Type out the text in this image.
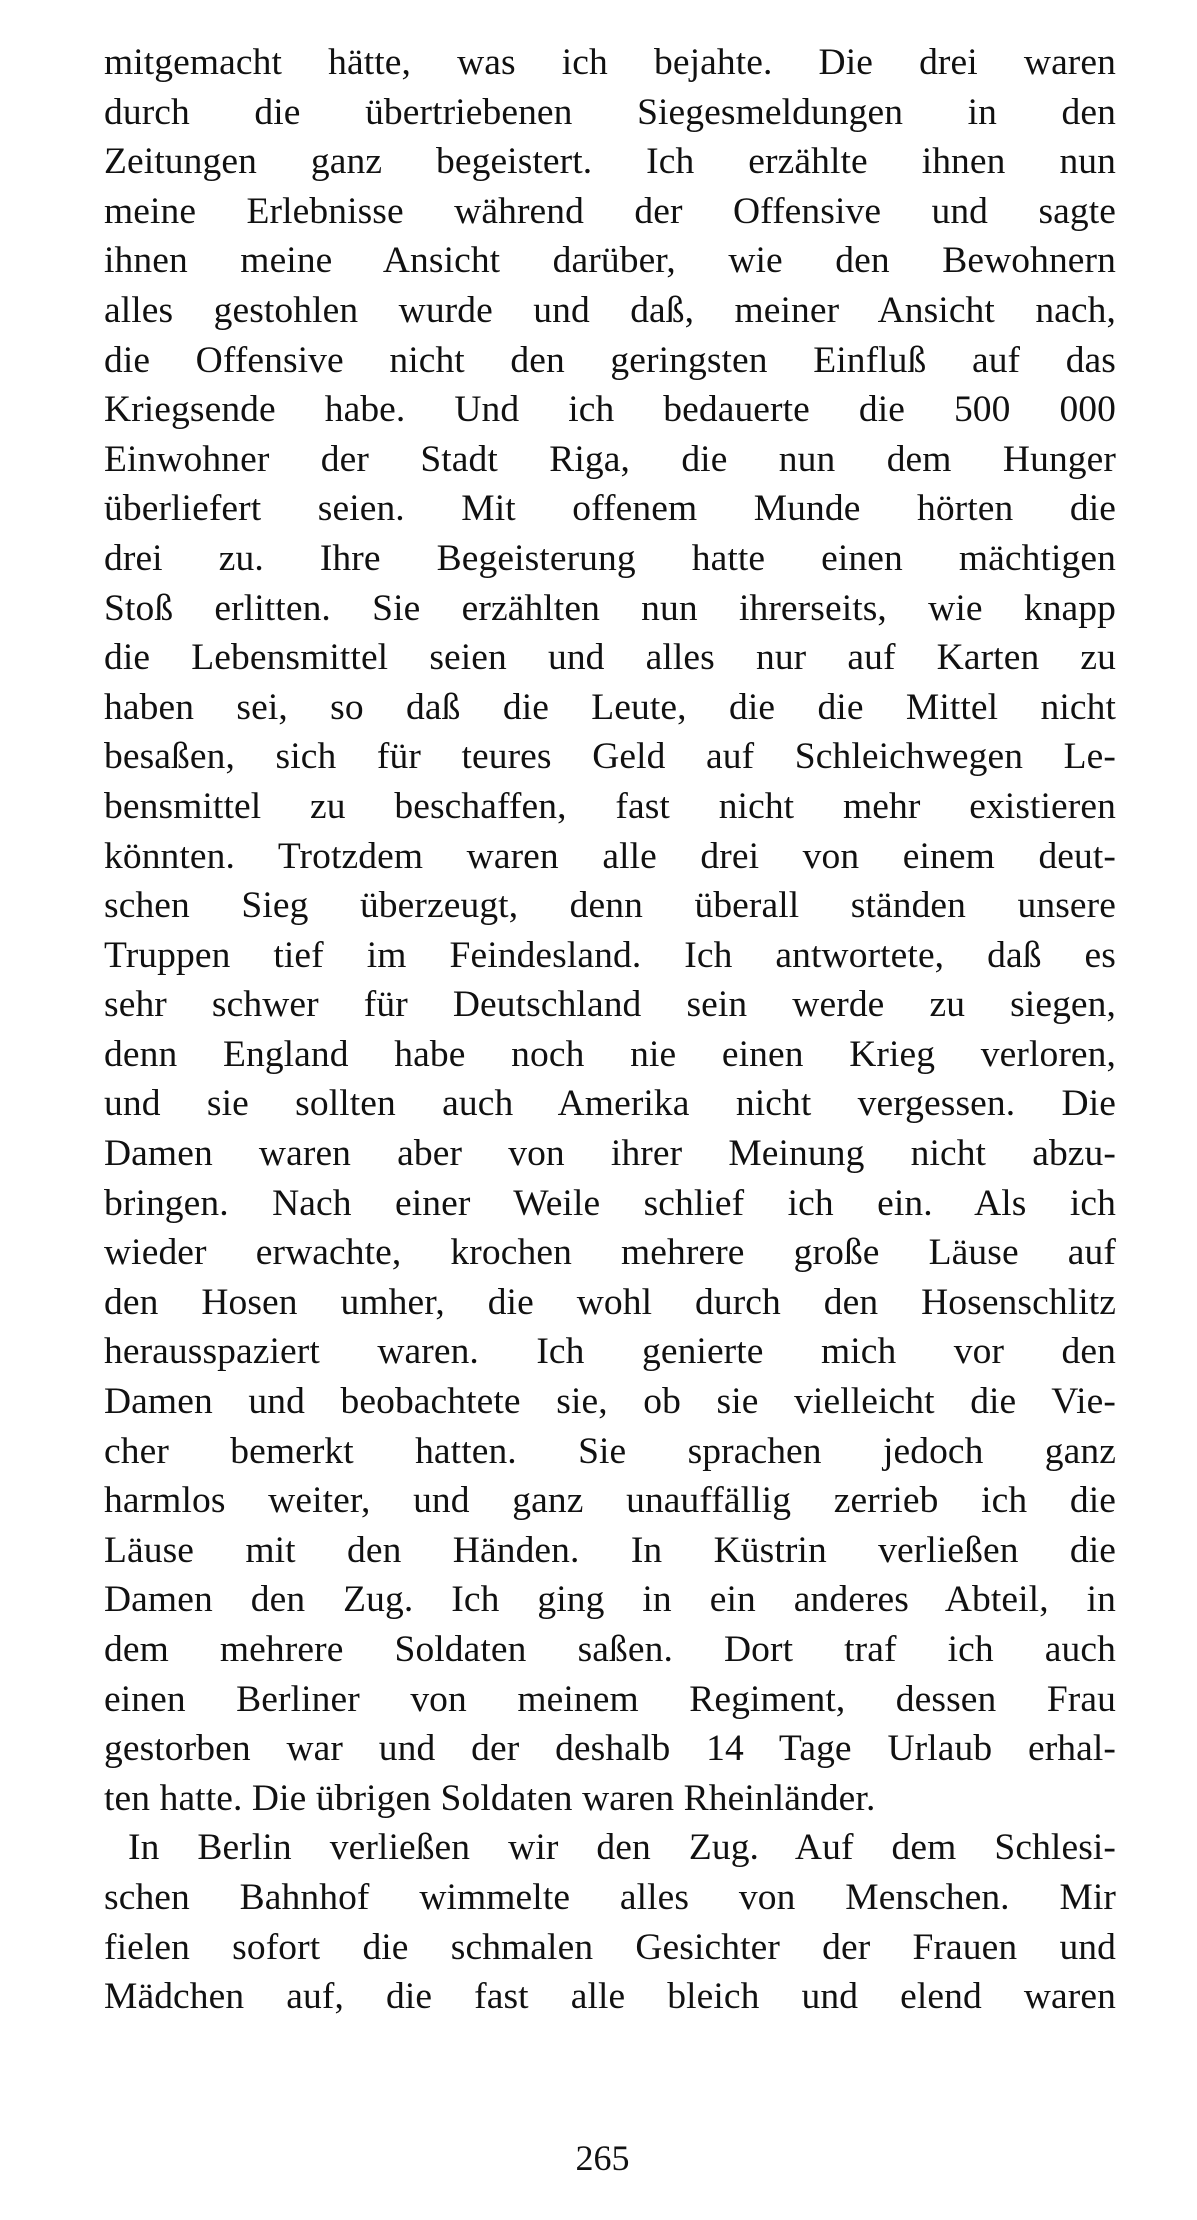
mitgemacht hätte, was ich bejahte. Die drei waren
durch die übertriebenen Siegesmeldungen in den
Zeitungen ganz begeistert. Ich erzählte ihnen nun
meine Erlebnisse während der Offensive und sagte
ihnen meine Ansicht darüber, wie den Bewohnern
alles gestohlen wurde und daß, meiner Ansicht nach,
die Offensive nicht den geringsten Einfluß auf das
Kriegsende habe. Und ich bedauerte die 500 000
Einwohner der Stadt Riga, die nun dem Hunger
überliefert seien. Mit offenem Munde hörten die
drei zu. Ihre Begeisterung hatte einen mächtigen
Stoß erlitten. Sie erzählten nun ihrerseits, wie knapp
die Lebensmittel seien und alles nur auf Karten zu
haben sei, so daß die Leute, die die Mittel nicht
besaßen, sich für teures Geld auf Schleichwegen Le-
bensmittel zu beschaffen, fast nicht mehr existieren
könnten. Trotzdem waren alle drei von einem deut-
schen Sieg überzeugt, denn überall ständen unsere
Truppen tief im Feindesland. Ich antwortete, daß es
sehr schwer für Deutschland sein werde zu siegen,
denn England habe noch nie einen Krieg verloren,
und sie sollten auch Amerika nicht vergessen. Die
Damen waren aber von ihrer Meinung nicht abzu-
bringen. Nach einer Weile schlief ich ein. Als ich
wieder erwachte, krochen mehrere große Läuse auf
den Hosen umher, die wohl durch den Hosenschlitz
herausspaziert waren. Ich genierte mich vor den
Damen und beobachtete sie, ob sie vielleicht die Vie-
cher bemerkt hatten. Sie sprachen jedoch ganz
harmlos weiter, und ganz unauffällig zerrieb ich die
Läuse mit den Händen. In Küstrin verließen die
Damen den Zug. Ich ging in ein anderes Abteil, in
dem mehrere Soldaten saßen. Dort traf ich auch
einen Berliner von meinem Regiment, dessen Frau
gestorben war und der deshalb 14 Tage Urlaub erhal-
ten hatte. Die übrigen Soldaten waren Rheinländer.
In Berlin verließen wir den Zug. Auf dem Schlesi-
schen Bahnhof wimmelte alles von Menschen. Mir
fielen sofort die schmalen Gesichter der Frauen und
Mädchen auf, die fast alle bleich und elend waren
265
